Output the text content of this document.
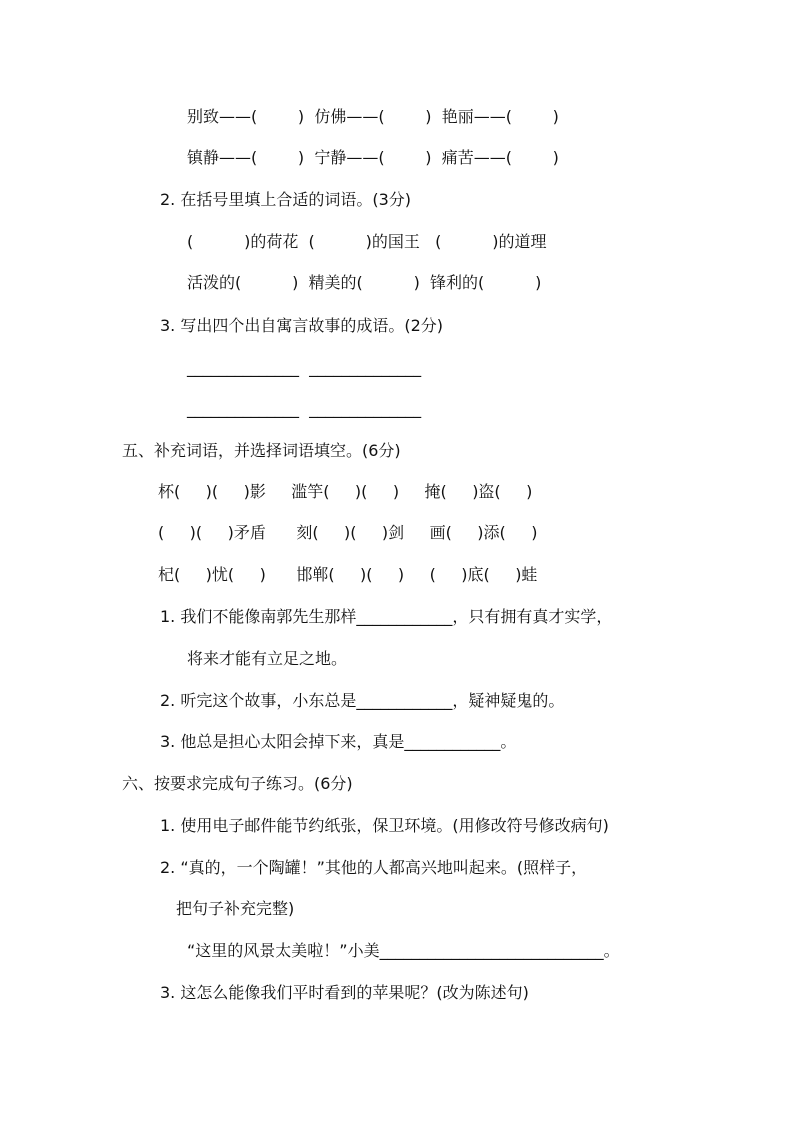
别致——(        )  仿佛——(        )  艳丽——(        )
镇静——(        )  宁静——(        )  痛苦——(        )
2. 在括号里填上合适的词语。(3分)
(          )的荷花  (          )的国王   (          )的道理
活泼的(          )  精美的(          )  锋利的(          )
3. 写出四个出自寓言故事的成语。(2分)
______________  ______________
______________  ______________
五、补充词语，并选择词语填空。(6分)
杯(     )(     )影     滥竽(     )(     )     掩(     )盗(     )
(     )(     )矛盾      刻(     )(     )剑     画(     )添(     )
杞(     )忧(     )      邯郸(     )(     )     (     )底(     )蛙
1. 我们不能像南郭先生那样____________，只有拥有真才实学，
将来才能有立足之地。
2. 听完这个故事，小东总是____________，疑神疑鬼的。
3. 他总是担心太阳会掉下来，真是____________。
六、按要求完成句子练习。(6分)
1. 使用电子邮件能节约纸张，保卫环境。(用修改符号修改病句)
2. “真的，一个陶罐！”其他的人都高兴地叫起来。(照样子，
把句子补充完整)
“这里的风景太美啦！”小美____________________________。
3. 这怎么能像我们平时看到的苹果呢？(改为陈述句)
